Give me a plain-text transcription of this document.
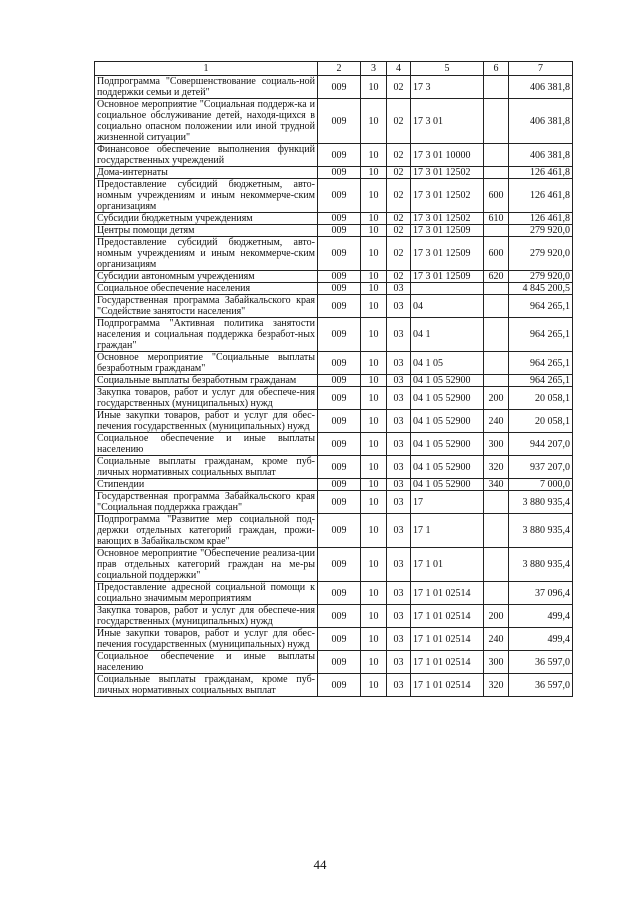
1	2	3	4	5	6	7
Подпрограмма "Совершенствование социаль-ной поддержки семьи и детей"	009	10	02	17 3		406 381,8
Основное мероприятие "Социальная поддерж-ка и социальное обслуживание детей, находя-щихся в социально опасном положении или иной трудной жизненной ситуации"	009	10	02	17 3 01		406 381,8
Финансовое обеспечение выполнения функций государственных учреждений	009	10	02	17 3 01 10000		406 381,8
Дома-интернаты	009	10	02	17 3 01 12502		126 461,8
Предоставление субсидий бюджетным, авто-номным учреждениям и иным некоммерче-ским организациям	009	10	02	17 3 01 12502	600	126 461,8
Субсидии бюджетным учреждениям	009	10	02	17 3 01 12502	610	126 461,8
Центры помощи детям	009	10	02	17 3 01 12509		279 920,0
Предоставление субсидий бюджетным, авто-номным учреждениям и иным некоммерче-ским организациям	009	10	02	17 3 01 12509	600	279 920,0
Субсидии автономным учреждениям	009	10	02	17 3 01 12509	620	279 920,0
Социальное обеспечение населения	009	10	03			4 845 200,5
Государственная программа Забайкальского края "Содействие занятости населения"	009	10	03	04		964 265,1
Подпрограмма "Активная политика занятости населения и социальная поддержка безработ-ных граждан"	009	10	03	04 1		964 265,1
Основное мероприятие "Социальные выплаты безработным гражданам"	009	10	03	04 1 05		964 265,1
Социальные выплаты безработным гражданам	009	10	03	04 1 05 52900		964 265,1
Закупка товаров, работ и услуг для обеспече-ния государственных (муниципальных) нужд	009	10	03	04 1 05 52900	200	20 058,1
Иные закупки товаров, работ и услуг для обес-печения государственных (муниципальных) нужд	009	10	03	04 1 05 52900	240	20 058,1
Социальное обеспечение и иные выплаты населению	009	10	03	04 1 05 52900	300	944 207,0
Социальные выплаты гражданам, кроме пуб-личных нормативных социальных выплат	009	10	03	04 1 05 52900	320	937 207,0
Стипендии	009	10	03	04 1 05 52900	340	7 000,0
Государственная программа Забайкальского края "Социальная поддержка граждан"	009	10	03	17		3 880 935,4
Подпрограмма "Развитие мер социальной под-держки отдельных категорий граждан, прожи-вающих в Забайкальском крае"	009	10	03	17 1		3 880 935,4
Основное мероприятие "Обеспечение реализа-ции прав отдельных категорий граждан на ме-ры социальной поддержки"	009	10	03	17 1 01		3 880 935,4
Предоставление адресной социальной помощи к социально значимым мероприятиям	009	10	03	17 1 01 02514		37 096,4
Закупка товаров, работ и услуг для обеспече-ния государственных (муниципальных) нужд	009	10	03	17 1 01 02514	200	499,4
Иные закупки товаров, работ и услуг для обес-печения государственных (муниципальных) нужд	009	10	03	17 1 01 02514	240	499,4
Социальное обеспечение и иные выплаты населению	009	10	03	17 1 01 02514	300	36 597,0
Социальные выплаты гражданам, кроме пуб-личных нормативных социальных выплат	009	10	03	17 1 01 02514	320	36 597,0
44
